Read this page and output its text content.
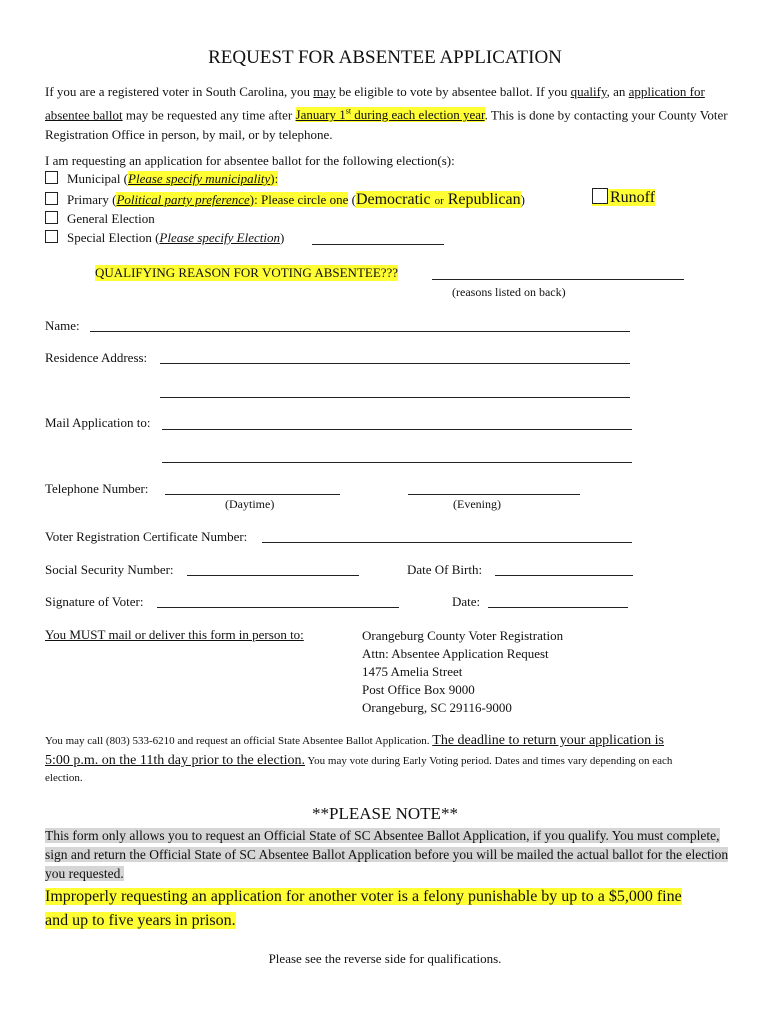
REQUEST FOR ABSENTEE APPLICATION
If you are a registered voter in South Carolina, you may be eligible to vote by absentee ballot. If you qualify, an application for absentee ballot may be requested any time after January 1st during each election year. This is done by contacting your County Voter Registration Office in person, by mail, or by telephone.
I am requesting an application for absentee ballot for the following election(s):
Municipal (Please specify municipality):
Primary (Political party preference): Please circle one (Democratic or Republican)	Runoff
General Election
Special Election (Please specify Election)
QUALIFYING REASON FOR VOTING ABSENTEE???
(reasons listed on back)
Name:
Residence Address:
Mail Application to:
Telephone Number:
(Daytime)	(Evening)
Voter Registration Certificate Number:
Social Security Number:	Date Of Birth:
Signature of Voter:	Date:
You MUST mail or deliver this form in person to:	Orangeburg County Voter Registration
Attn: Absentee Application Request
1475 Amelia Street
Post Office Box 9000
Orangeburg, SC 29116-9000
You may call (803) 533-6210 and request an official State Absentee Ballot Application. The deadline to return your application is
5:00 p.m. on the 11th day prior to the election. You may vote during Early Voting period. Dates and times vary depending on each
election.
**PLEASE NOTE**
This form only allows you to request an Official State of SC Absentee Ballot Application, if you qualify. You must complete, sign and return the Official State of SC Absentee Ballot Application before you will be mailed the actual ballot for the election you requested.
Improperly requesting an application for another voter is a felony punishable by up to a $5,000 fine
and up to five years in prison.
Please see the reverse side for qualifications.
